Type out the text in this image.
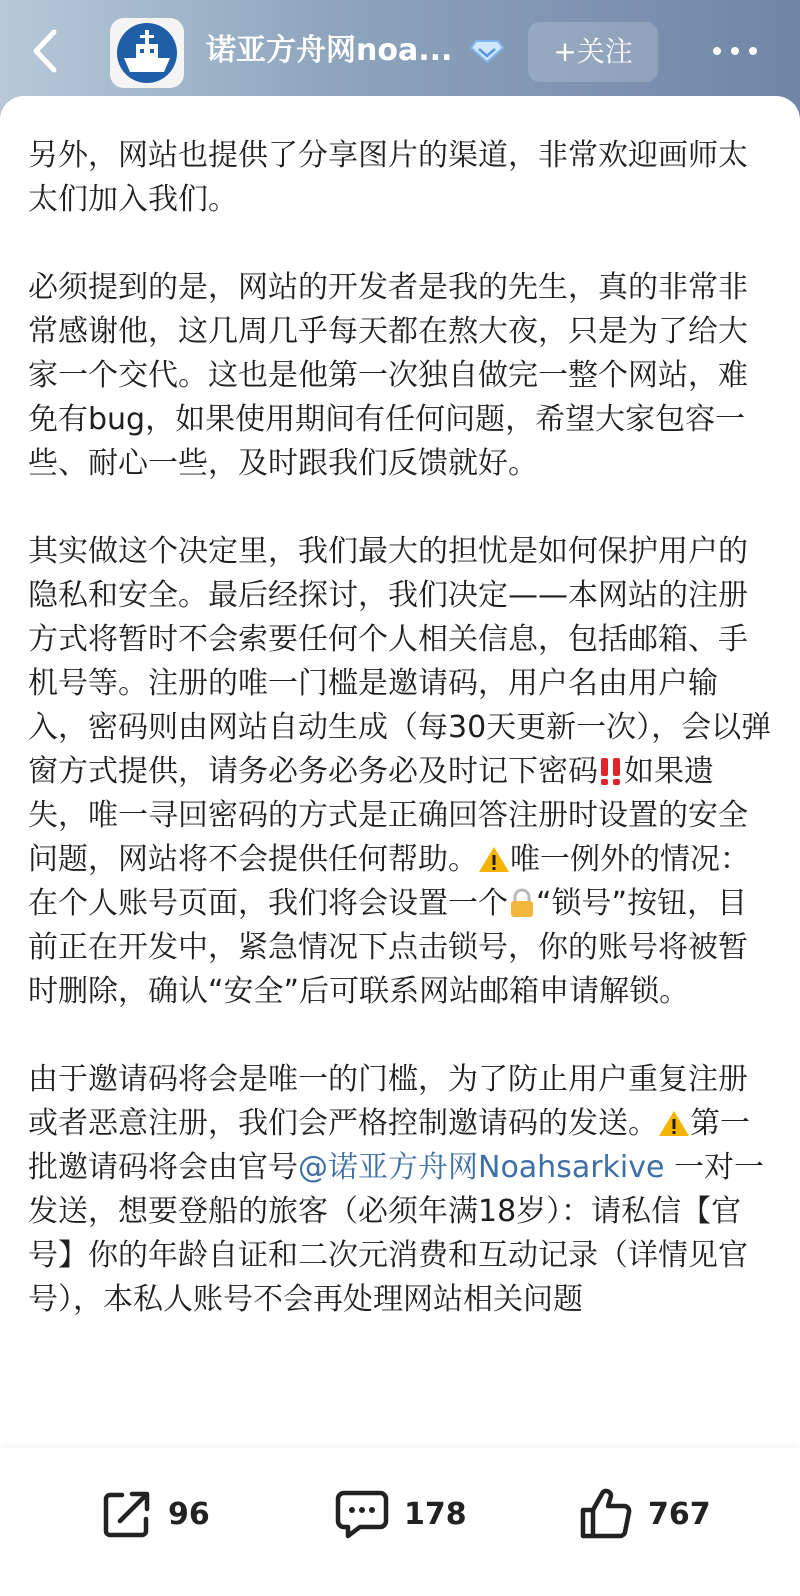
诺亚方舟网noa...	+关注

另外，网站也提供了分享图片的渠道，非常欢迎画师太太们加入我们。

必须提到的是，网站的开发者是我的先生，真的非常非常感谢他，这几周几乎每天都在熬大夜，只是为了给大家一个交代。这也是他第一次独自做完一整个网站，难免有bug，如果使用期间有任何问题，希望大家包容一些、耐心一些，及时跟我们反馈就好。

其实做这个决定里，我们最大的担忧是如何保护用户的隐私和安全。最后经探讨，我们决定——本网站的注册方式将暂时不会索要任何个人相关信息，包括邮箱、手机号等。注册的唯一门槛是邀请码，用户名由用户输入，密码则由网站自动生成（每30天更新一次），会以弹窗方式提供，请务必务必务必及时记下密码 如果遗失，唯一寻回密码的方式是正确回答注册时设置的安全问题，网站将不会提供任何帮助。 唯一例外的情况：在个人账号页面，我们将会设置一个 “锁号”按钮，目前正在开发中，紧急情况下点击锁号，你的账号将被暂时删除，确认“安全”后可联系网站邮箱申请解锁。

由于邀请码将会是唯一的门槛，为了防止用户重复注册或者恶意注册，我们会严格控制邀请码的发送。 第一批邀请码将会由官号@诺亚方舟网Noahsarkive 一对一发送，想要登船的旅客（必须年满18岁）：请私信【官号】你的年龄自证和二次元消费和互动记录（详情见官号），本私人账号不会再处理网站相关问题

96	178	767
